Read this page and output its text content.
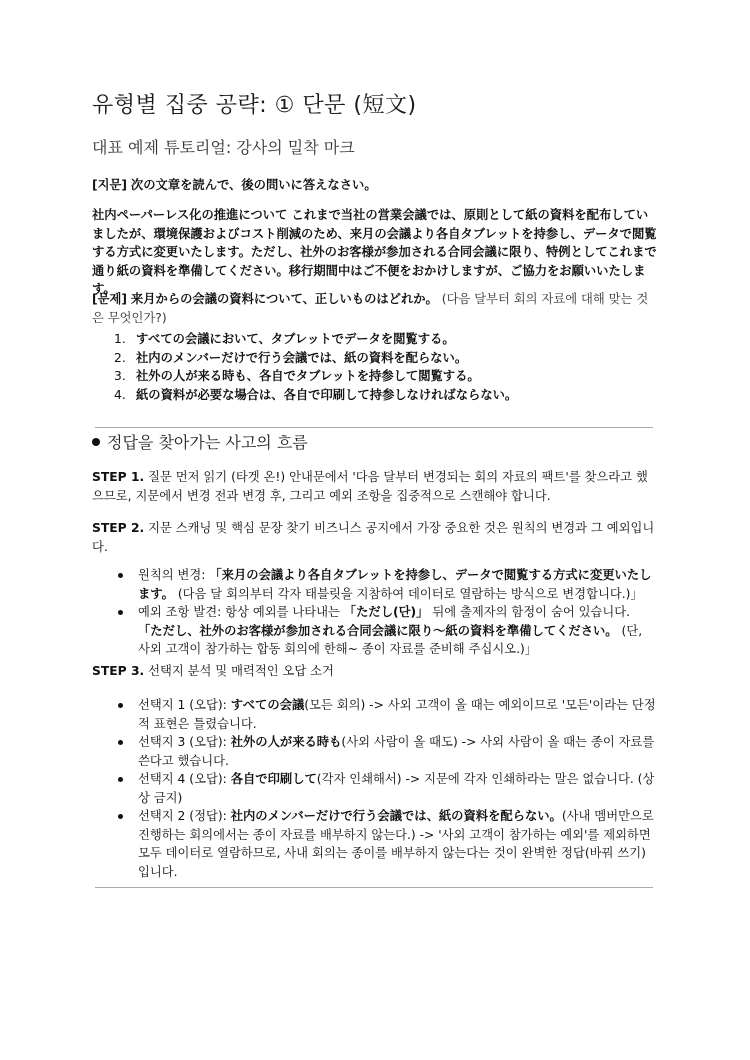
유형별 집중 공략: ① 단문 (短文)
대표 예제 튜토리얼: 강사의 밀착 마크
[지문] 次の文章を読んで、後の問いに答えなさい。
社内ペーパーレス化の推進について これまで当社の営業会議では、原則として紙の資料を配布していましたが、環境保護およびコスト削減のため、来月の会議より各自タブレットを持参し、データで閲覧する方式に変更いたします。ただし、社外のお客様が参加される合同会議に限り、特例としてこれまで通り紙の資料を準備してください。移行期間中はご不便をおかけしますが、ご協力をお願いいたします。
[문제] 来月からの会議の資料について、正しいものはどれか。 (다음 달부터 회의 자료에 대해 맞는 것은 무엇인가?)
1. すべての会議において、タブレットでデータを閲覧する。
2. 社内のメンバーだけで行う会議では、紙の資料を配らない。
3. 社外の人が来る時も、各自でタブレットを持参して閲覧する。
4. 紙の資料が必要な場合は、各自で印刷して持参しなければならない。
정답을 찾아가는 사고의 흐름
STEP 1. 질문 먼저 읽기 (타겟 온!) 안내문에서 '다음 달부터 변경되는 회의 자료의 팩트'를 찾으라고 했으므로, 지문에서 변경 전과 변경 후, 그리고 예외 조항을 집중적으로 스캔해야 합니다.
STEP 2. 지문 스캐닝 및 핵심 문장 찾기 비즈니스 공지에서 가장 중요한 것은 원칙의 변경과 그 예외입니다.
원칙의 변경: 「来月の会議より各自タブレットを持参し、データで閲覧する方式に変更いたします。 (다음 달 회의부터 각자 태블릿을 지참하여 데이터로 열람하는 방식으로 변경합니다.)」
예외 조항 발견: 항상 예외를 나타내는 「ただし(단)」 뒤에 출제자의 함정이 숨어 있습니다. 「ただし、社外のお客様が参加される合同会議に限り～紙の資料を準備してください。 (단, 사외 고객이 참가하는 합동 회의에 한해~ 종이 자료를 준비해 주십시오.)」
STEP 3. 선택지 분석 및 매력적인 오답 소거
선택지 1 (오답): すべての会議(모든 회의) -> 사외 고객이 올 때는 예외이므로 '모든'이라는 단정적 표현은 틀렸습니다.
선택지 3 (오답): 社外の人が来る時も(사외 사람이 올 때도) -> 사외 사람이 올 때는 종이 자료를 쓴다고 했습니다.
선택지 4 (오답): 各自で印刷して(각자 인쇄해서) -> 지문에 각자 인쇄하라는 말은 없습니다. (상상 금지)
선택지 2 (정답): 社内のメンバーだけで行う会議では、紙の資料を配らない。(사내 멤버만으로 진행하는 회의에서는 종이 자료를 배부하지 않는다.) -> '사외 고객이 참가하는 예외'를 제외하면 모두 데이터로 열람하므로, 사내 회의는 종이를 배부하지 않는다는 것이 완벽한 정답(바꿔 쓰기)입니다.
